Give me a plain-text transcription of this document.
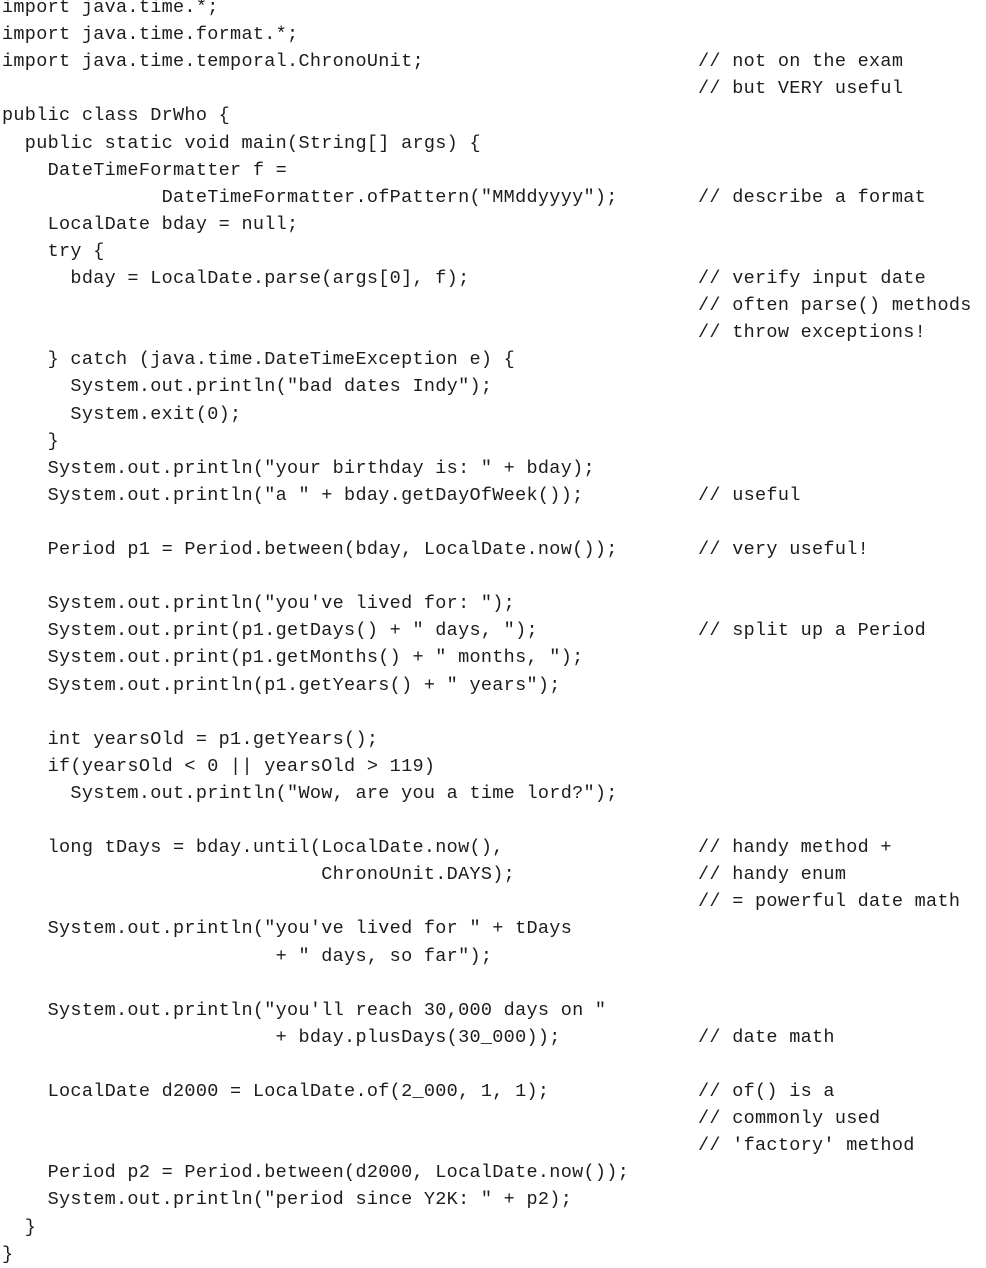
import java.time.*;
import java.time.format.*;
import java.time.temporal.ChronoUnit;	// not on the exam
// but VERY useful
public class DrWho {
public static void main(String[] args) {
DateTimeFormatter f =
DateTimeFormatter.ofPattern("MMddyyyy");	// describe a format
LocalDate bday = null;
try {
bday = LocalDate.parse(args[0], f);	// verify input date
// often parse() methods
// throw exceptions!
} catch (java.time.DateTimeException e) {
System.out.println("bad dates Indy");
System.exit(0);
}
System.out.println("your birthday is: " + bday);
System.out.println("a " + bday.getDayOfWeek());	// useful
Period p1 = Period.between(bday, LocalDate.now());	// very useful!
System.out.println("you've lived for: ");
System.out.print(p1.getDays() + " days, ");	// split up a Period
System.out.print(p1.getMonths() + " months, ");
System.out.println(p1.getYears() + " years");
int yearsOld = p1.getYears();
if(yearsOld < 0 || yearsOld > 119)
System.out.println("Wow, are you a time lord?");
long tDays = bday.until(LocalDate.now(),	// handy method +
ChronoUnit.DAYS);	// handy enum
// = powerful date math
System.out.println("you've lived for " + tDays
+ " days, so far");
System.out.println("you'll reach 30,000 days on "
+ bday.plusDays(30_000));	// date math
LocalDate d2000 = LocalDate.of(2_000, 1, 1);	// of() is a
// commonly used
// 'factory' method
Period p2 = Period.between(d2000, LocalDate.now());
System.out.println("period since Y2K: " + p2);
}
}
